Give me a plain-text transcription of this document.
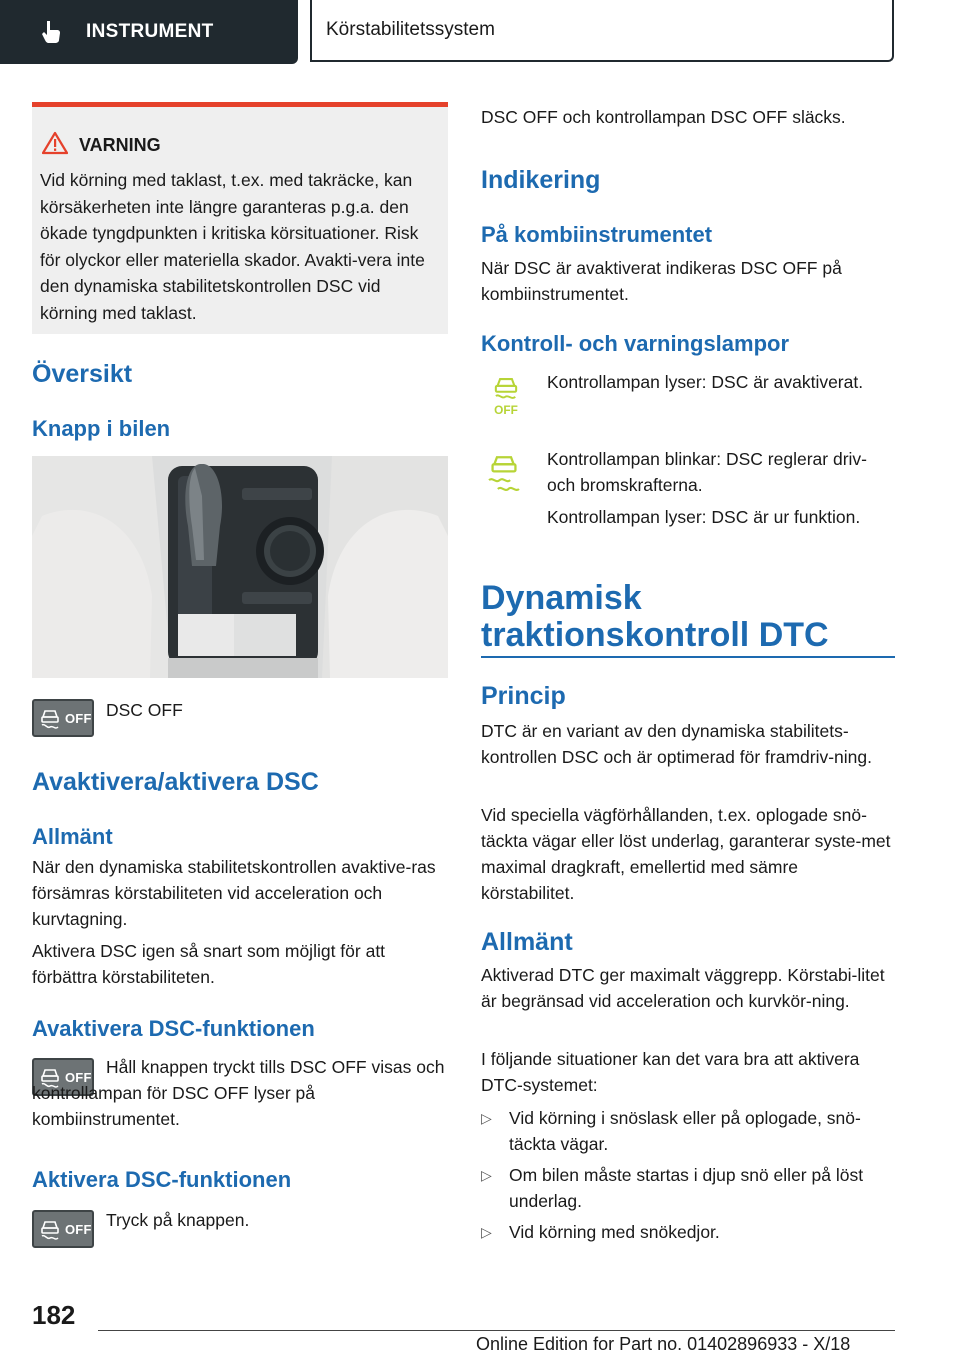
INSTRUMENT	Körstabilitetssystem
VARNING
Vid körning med taklast, t.ex. med takräcke, kan körsäkerheten inte längre garanteras p.g.a. den ökade tyngdpunkten i kritiska körsituationer. Risk för olyckor eller materiella skador. Avakti-vera inte den dynamiska stabilitetskontrollen DSC vid körning med taklast.
Översikt
Knapp i bilen
OFF DSC OFF
Avaktivera/aktivera DSC
Allmänt
När den dynamiska stabilitetskontrollen avaktive-ras försämras körstabiliteten vid acceleration och kurvtagning.
Aktivera DSC igen så snart som möjligt för att förbättra körstabiliteten.
Avaktivera DSC-funktionen
OFF
Håll knappen tryckt tills DSC OFF visas och kontrollampan för DSC OFF lyser på kombiinstrumentet.
Aktivera DSC-funktionen
OFF Tryck på knappen.
DSC OFF och kontrollampan DSC OFF släcks.
Indikering
På kombiinstrumentet
När DSC är avaktiverat indikeras DSC OFF på kombiinstrumentet.
Kontroll- och varningslampor
OFF
Kontrollampan lyser: DSC är avaktiverat.
Kontrollampan blinkar: DSC reglerar driv- och bromskrafterna.
Kontrollampan lyser: DSC är ur funktion.
Dynamisk traktionskontroll DTC
Princip
DTC är en variant av den dynamiska stabilitets-kontrollen DSC och är optimerad för framdriv-ning.
Vid speciella vägförhållanden, t.ex. oplogade snö-täckta vägar eller löst underlag, garanterar syste-met maximal dragkraft, emellertid med sämre körstabilitet.
Allmänt
Aktiverad DTC ger maximalt väggrepp. Körstabi-litet är begränsad vid acceleration och kurvkör-ning.
I följande situationer kan det vara bra att aktivera DTC-systemet:
▷ Vid körning i snöslask eller på oplogade, snö-täckta vägar.
▷ Om bilen måste startas i djup snö eller på löst underlag.
▷ Vid körning med snökedjor.
182
Online Edition for Part no. 01402896933 - X/18
